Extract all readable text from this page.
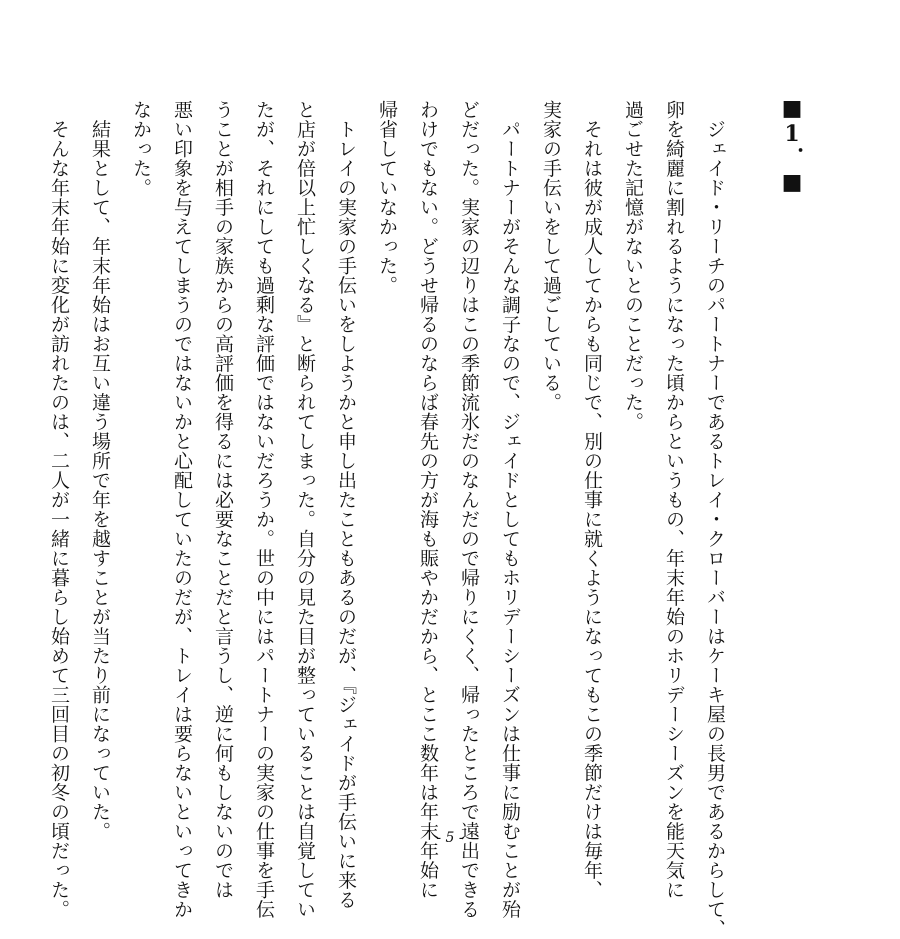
■1．■
　ジェイド・リーチのパートナーであるトレイ・クローバーはケーキ屋の長男であるからして、
卵を綺麗に割れるようになった頃からというもの、年末年始のホリデーシーズンを能天気に
過ごせた記憶がないとのことだった。
　それは彼が成人してからも同じで、別の仕事に就くようになってもこの季節だけは毎年、
実家の手伝いをして過ごしている。
　パートナーがそんな調子なので、ジェイドとしてもホリデーシーズンは仕事に励むことが殆
どだった。実家の辺りはこの季節流氷だのなんだので帰りにくく、帰ったところで遠出できる
わけでもない。どうせ帰るのならば春先の方が海も賑やかだから、とここ数年は年末年始に
帰省していなかった。
　トレイの実家の手伝いをしようかと申し出たこともあるのだが、『ジェイドが手伝いに来る
と店が倍以上忙しくなる』と断られてしまった。自分の見た目が整っていることは自覚してい
たが、それにしても過剰な評価ではないだろうか。世の中にはパートナーの実家の仕事を手伝
うことが相手の家族からの高評価を得るには必要なことだと言うし、逆に何もしないのでは
悪い印象を与えてしまうのではないかと心配していたのだが、トレイは要らないといってきか
なかった。
　結果として、年末年始はお互い違う場所で年を越すことが当たり前になっていた。
　そんな年末年始に変化が訪れたのは、二人が一緒に暮らし始めて三回目の初冬の頃だった。	- 5 -
